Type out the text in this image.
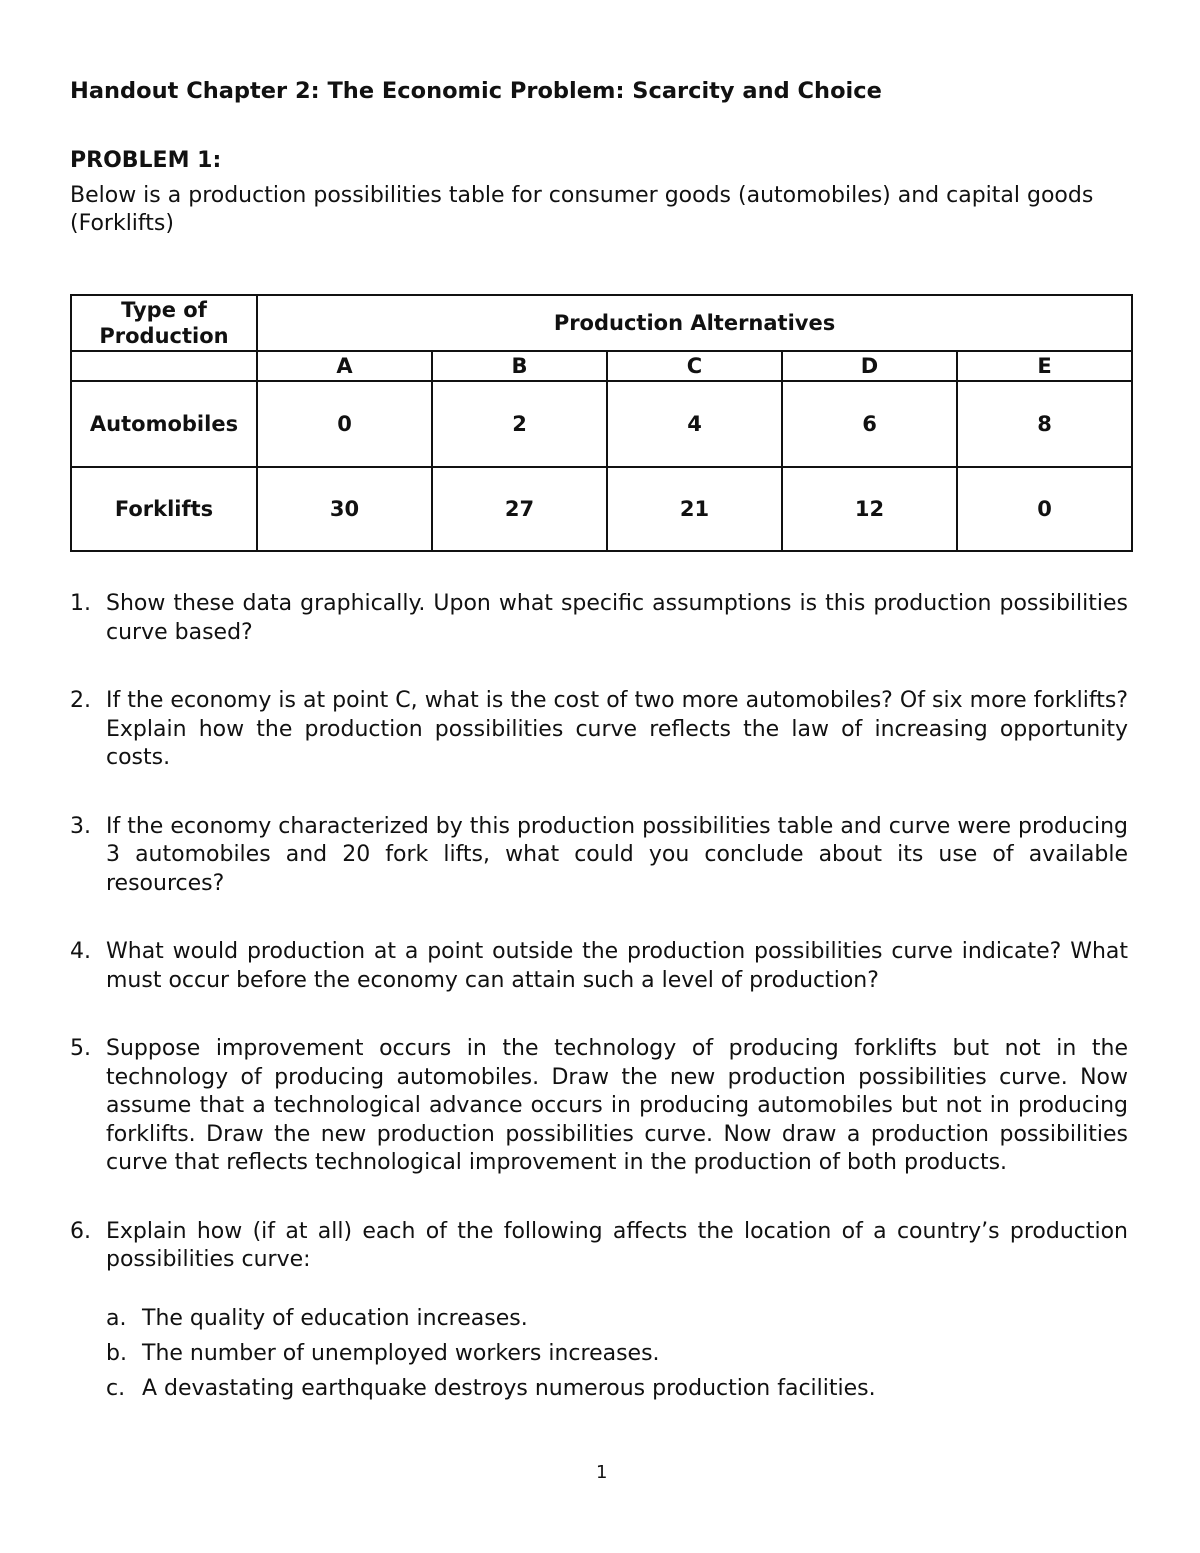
Handout Chapter 2: The Economic Problem: Scarcity and Choice
PROBLEM 1:
Below is a production possibilities table for consumer goods (automobiles) and capital goods (Forklifts)
Type of Production	Production Alternatives				
	A	B	C	D	E
Automobiles	0	2	4	6	8
Forklifts	30	27	21	12	0
1. Show these data graphically. Upon what specific assumptions is this production possibilities curve based?
2. If the economy is at point C, what is the cost of two more automobiles? Of six more forklifts? Explain how the production possibilities curve reflects the law of increasing opportunity costs.
3. If the economy characterized by this production possibilities table and curve were producing 3 automobiles and 20 fork lifts, what could you conclude about its use of available resources?
4. What would production at a point outside the production possibilities curve indicate? What must occur before the economy can attain such a level of production?
5. Suppose improvement occurs in the technology of producing forklifts but not in the technology of producing automobiles. Draw the new production possibilities curve. Now assume that a technological advance occurs in producing automobiles but not in producing forklifts. Draw the new production possibilities curve. Now draw a production possibilities curve that reflects technological improvement in the production of both products.
6. Explain how (if at all) each of the following affects the location of a country’s production possibilities curve:
a. The quality of education increases.
b. The number of unemployed workers increases.
c. A devastating earthquake destroys numerous production facilities.
1
